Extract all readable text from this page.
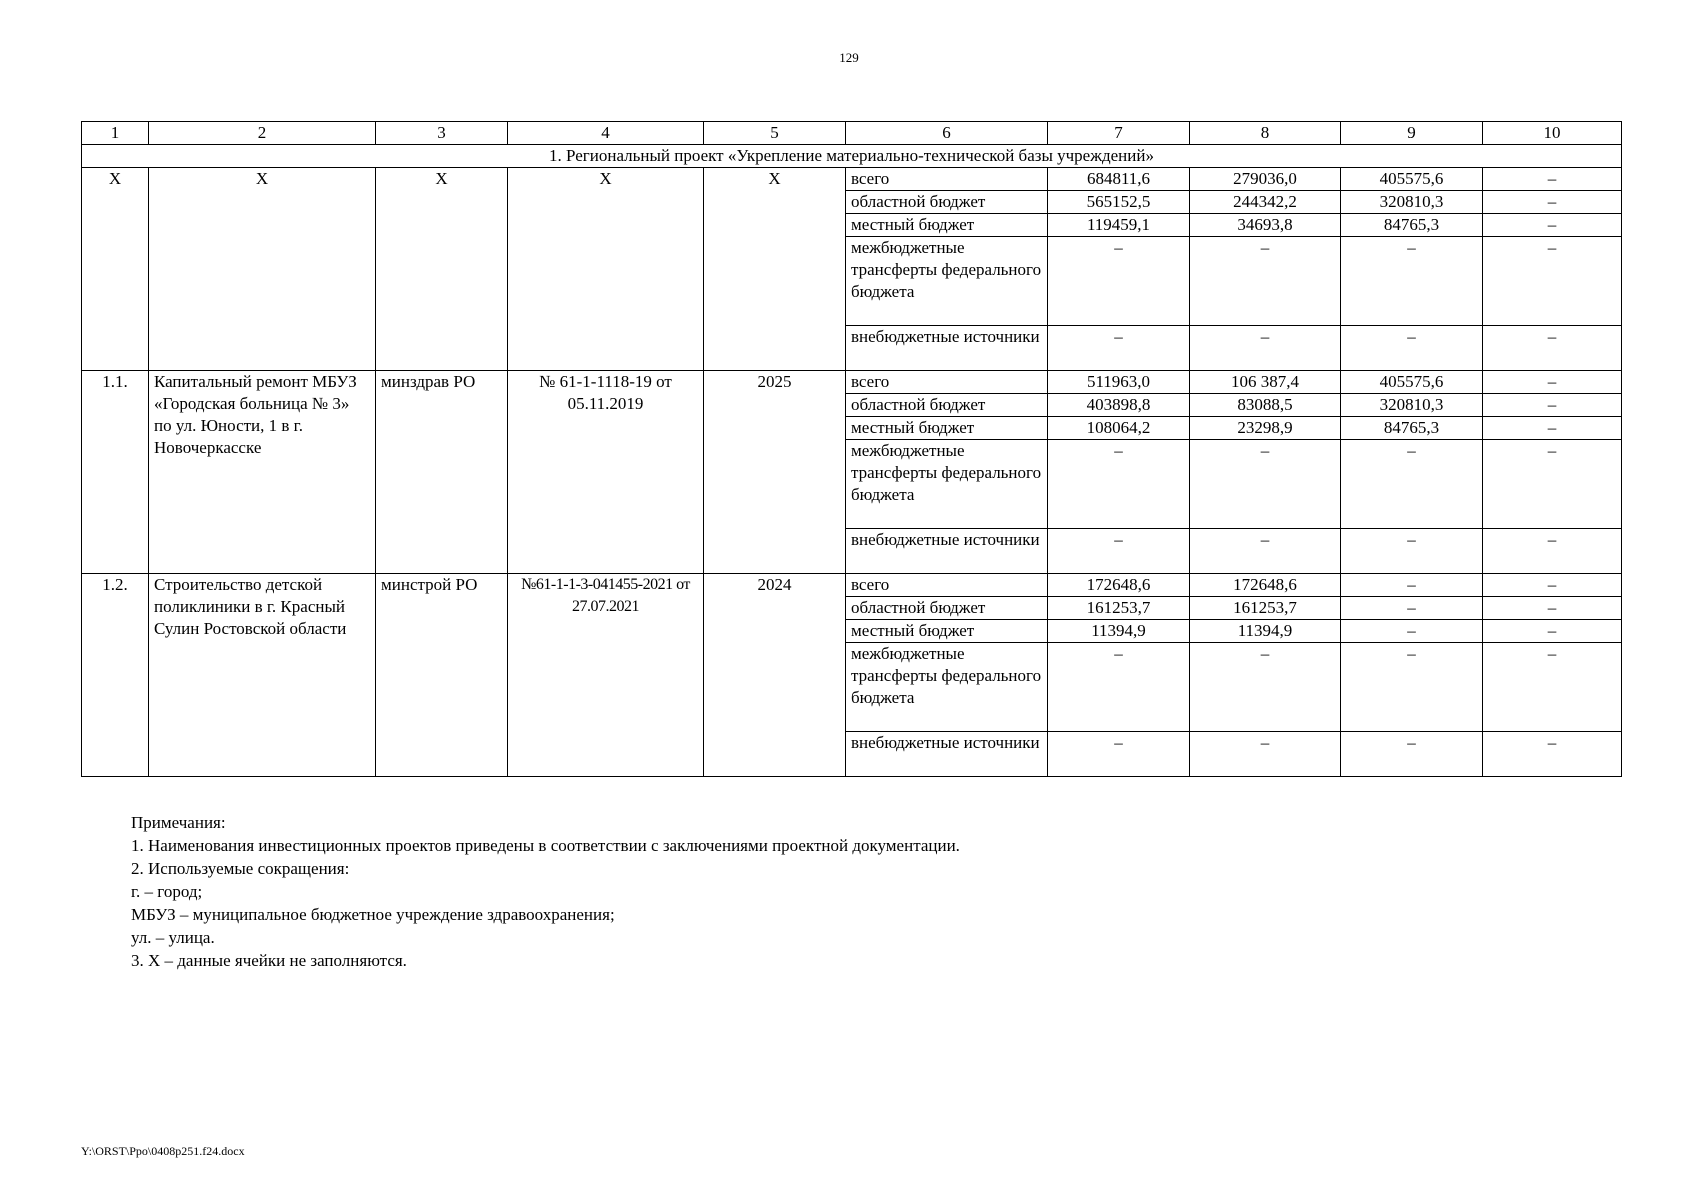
129
1	2	3	4	5	6	7	8	9	10
1. Региональный проект «Укрепление материально-технической базы учреждений»									
Х	Х	Х	Х	Х	всего	684811,6	279036,0	405575,6	–
					областной бюджет	565152,5	244342,2	320810,3	–
					местный бюджет	119459,1	34693,8	84765,3	–
					межбюджетные трансферты федерального бюджета	–	–	–	–
					внебюджетные источники	–	–	–	–
1.1.	Капитальный ремонт МБУЗ «Городская больница № 3» по ул. Юности, 1 в г. Новочеркасске	минздрав РО	№ 61-1-1118-19 от 05.11.2019	2025	всего	511963,0	106 387,4	405575,6	–
					областной бюджет	403898,8	83088,5	320810,3	–
					местный бюджет	108064,2	23298,9	84765,3	–
					межбюджетные трансферты федерального бюджета	–	–	–	–
					внебюджетные источники	–	–	–	–
1.2.	Строительство детской поликлиники в г. Красный Сулин Ростовской области	минстрой РО	№61-1-1-3-041455-2021 от 27.07.2021	2024	всего	172648,6	172648,6	–	–
					областной бюджет	161253,7	161253,7	–	–
					местный бюджет	11394,9	11394,9	–	–
					межбюджетные трансферты федерального бюджета	–	–	–	–
					внебюджетные источники	–	–	–	–
Примечания:
1. Наименования инвестиционных проектов приведены в соответствии с заключениями проектной документации.
2. Используемые сокращения:
г. – город;
МБУЗ – муниципальное бюджетное учреждение здравоохранения;
ул. – улица.
3. Х – данные ячейки не заполняются.
Y:\ORST\Ppo\0408p251.f24.docx
